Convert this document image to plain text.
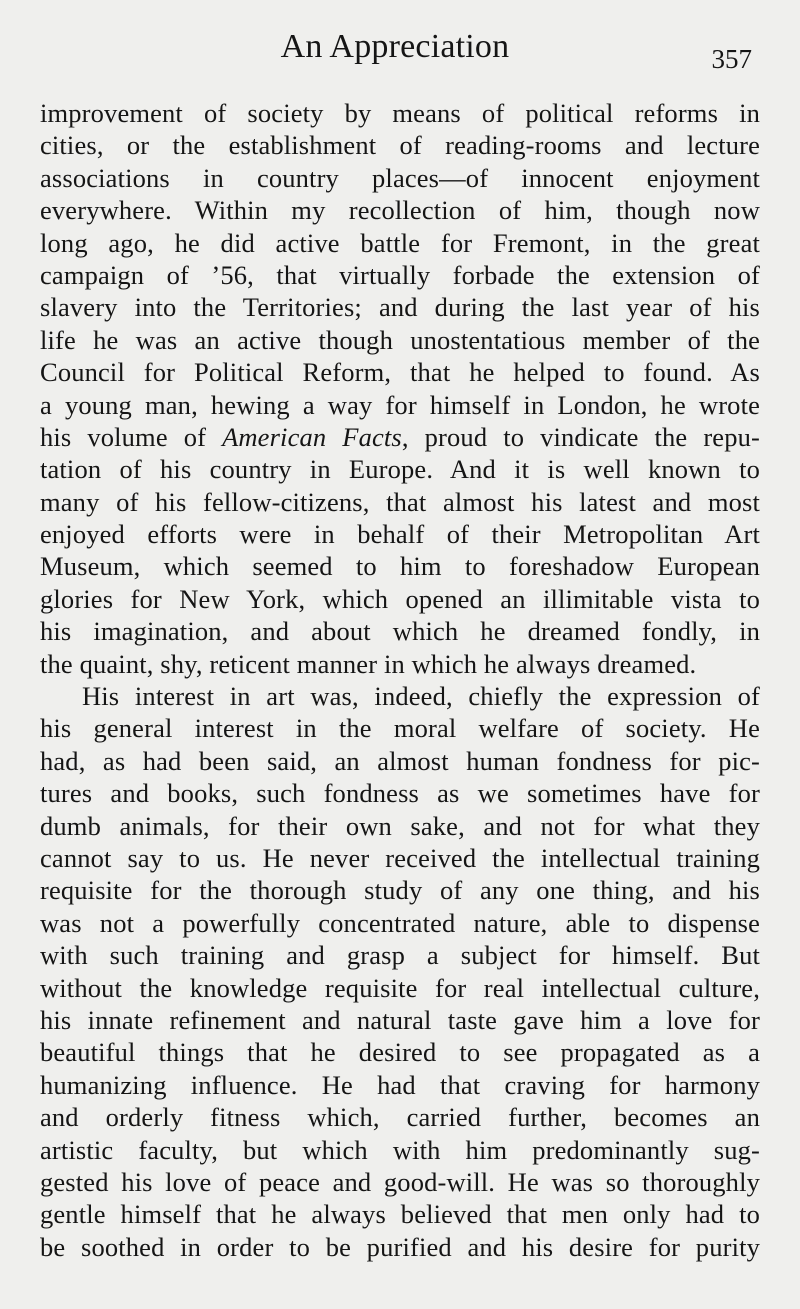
An Appreciation	357
improvement of society by means of political reforms in
cities, or the establishment of reading-rooms and lecture
associations in country places—of innocent enjoyment
everywhere. Within my recollection of him, though now
long ago, he did active battle for Fremont, in the great
campaign of ’56, that virtually forbade the extension of
slavery into the Territories; and during the last year of his
life he was an active though unostentatious member of the
Council for Political Reform, that he helped to found. As
a young man, hewing a way for himself in London, he wrote
his volume of American Facts, proud to vindicate the repu-
tation of his country in Europe. And it is well known to
many of his fellow-citizens, that almost his latest and most
enjoyed efforts were in behalf of their Metropolitan Art
Museum, which seemed to him to foreshadow European
glories for New York, which opened an illimitable vista to
his imagination, and about which he dreamed fondly, in
the quaint, shy, reticent manner in which he always dreamed.
His interest in art was, indeed, chiefly the expression of
his general interest in the moral welfare of society. He
had, as had been said, an almost human fondness for pic-
tures and books, such fondness as we sometimes have for
dumb animals, for their own sake, and not for what they
cannot say to us. He never received the intellectual training
requisite for the thorough study of any one thing, and his
was not a powerfully concentrated nature, able to dispense
with such training and grasp a subject for himself. But
without the knowledge requisite for real intellectual culture,
his innate refinement and natural taste gave him a love for
beautiful things that he desired to see propagated as a
humanizing influence. He had that craving for harmony
and orderly fitness which, carried further, becomes an
artistic faculty, but which with him predominantly sug-
gested his love of peace and good-will. He was so thoroughly
gentle himself that he always believed that men only had to
be soothed in order to be purified and his desire for purity
